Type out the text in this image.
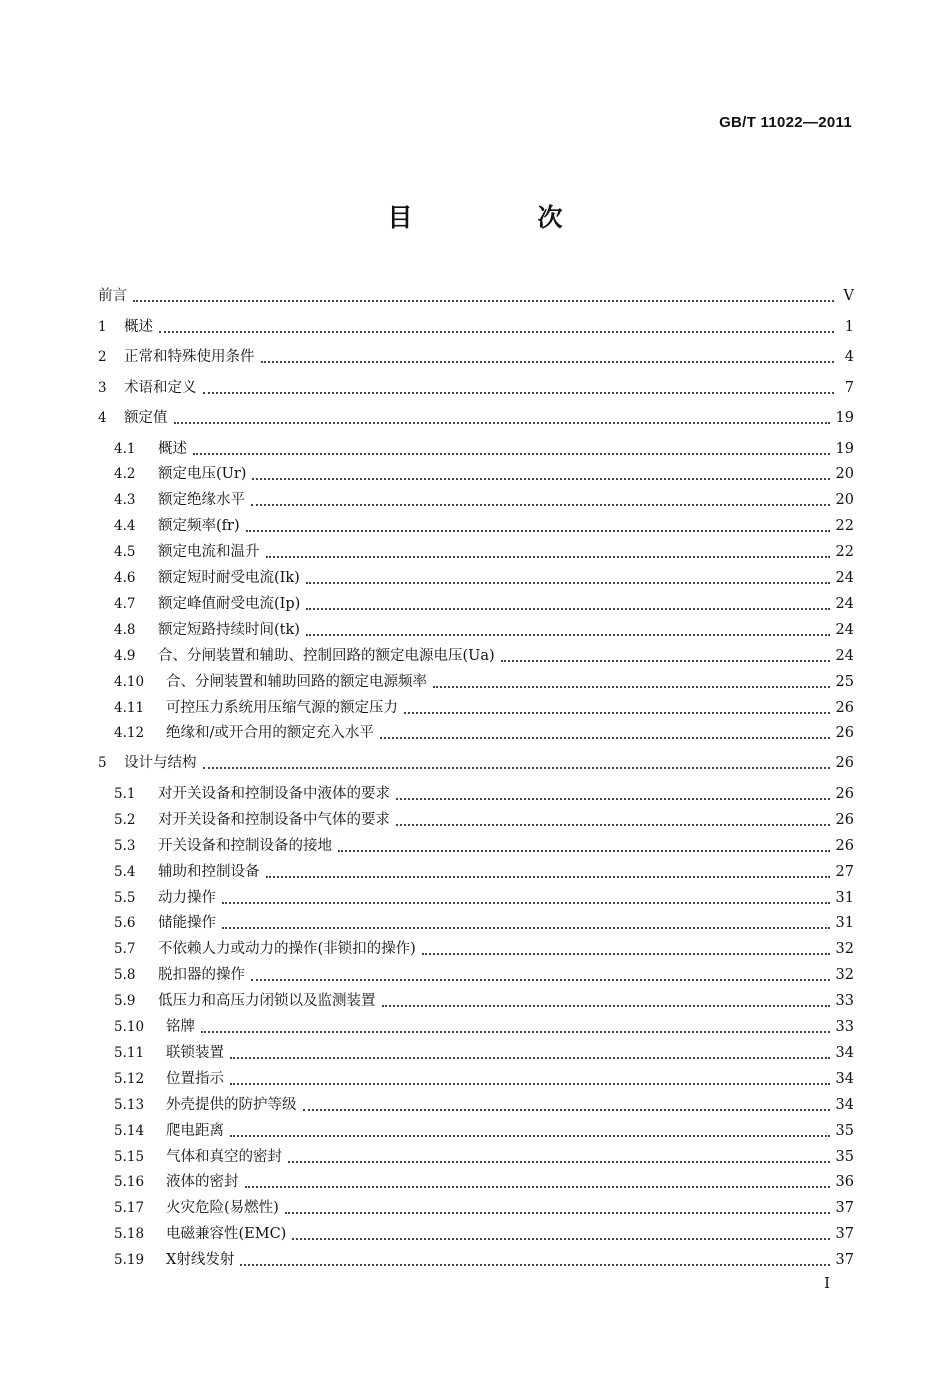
GB/T 11022—2011
目　次
前言	V
1	概述	1
2	正常和特殊使用条件	4
3	术语和定义	7
4	额定值	19
4.1	概述	19
4.2	额定电压(Ur)	20
4.3	额定绝缘水平	20
4.4	额定频率(fr)	22
4.5	额定电流和温升	22
4.6	额定短时耐受电流(Ik)	24
4.7	额定峰值耐受电流(Ip)	24
4.8	额定短路持续时间(tk)	24
4.9	合、分闸装置和辅助、控制回路的额定电源电压(Ua)	24
4.10	合、分闸装置和辅助回路的额定电源频率	25
4.11	可控压力系统用压缩气源的额定压力	26
4.12	绝缘和/或开合用的额定充入水平	26
5	设计与结构	26
5.1	对开关设备和控制设备中液体的要求	26
5.2	对开关设备和控制设备中气体的要求	26
5.3	开关设备和控制设备的接地	26
5.4	辅助和控制设备	27
5.5	动力操作	31
5.6	储能操作	31
5.7	不依赖人力或动力的操作(非锁扣的操作)	32
5.8	脱扣器的操作	32
5.9	低压力和高压力闭锁以及监测装置	33
5.10	铭牌	33
5.11	联锁装置	34
5.12	位置指示	34
5.13	外壳提供的防护等级	34
5.14	爬电距离	35
5.15	气体和真空的密封	35
5.16	液体的密封	36
5.17	火灾危险(易燃性)	37
5.18	电磁兼容性(EMC)	37
5.19	X射线发射	37
I
